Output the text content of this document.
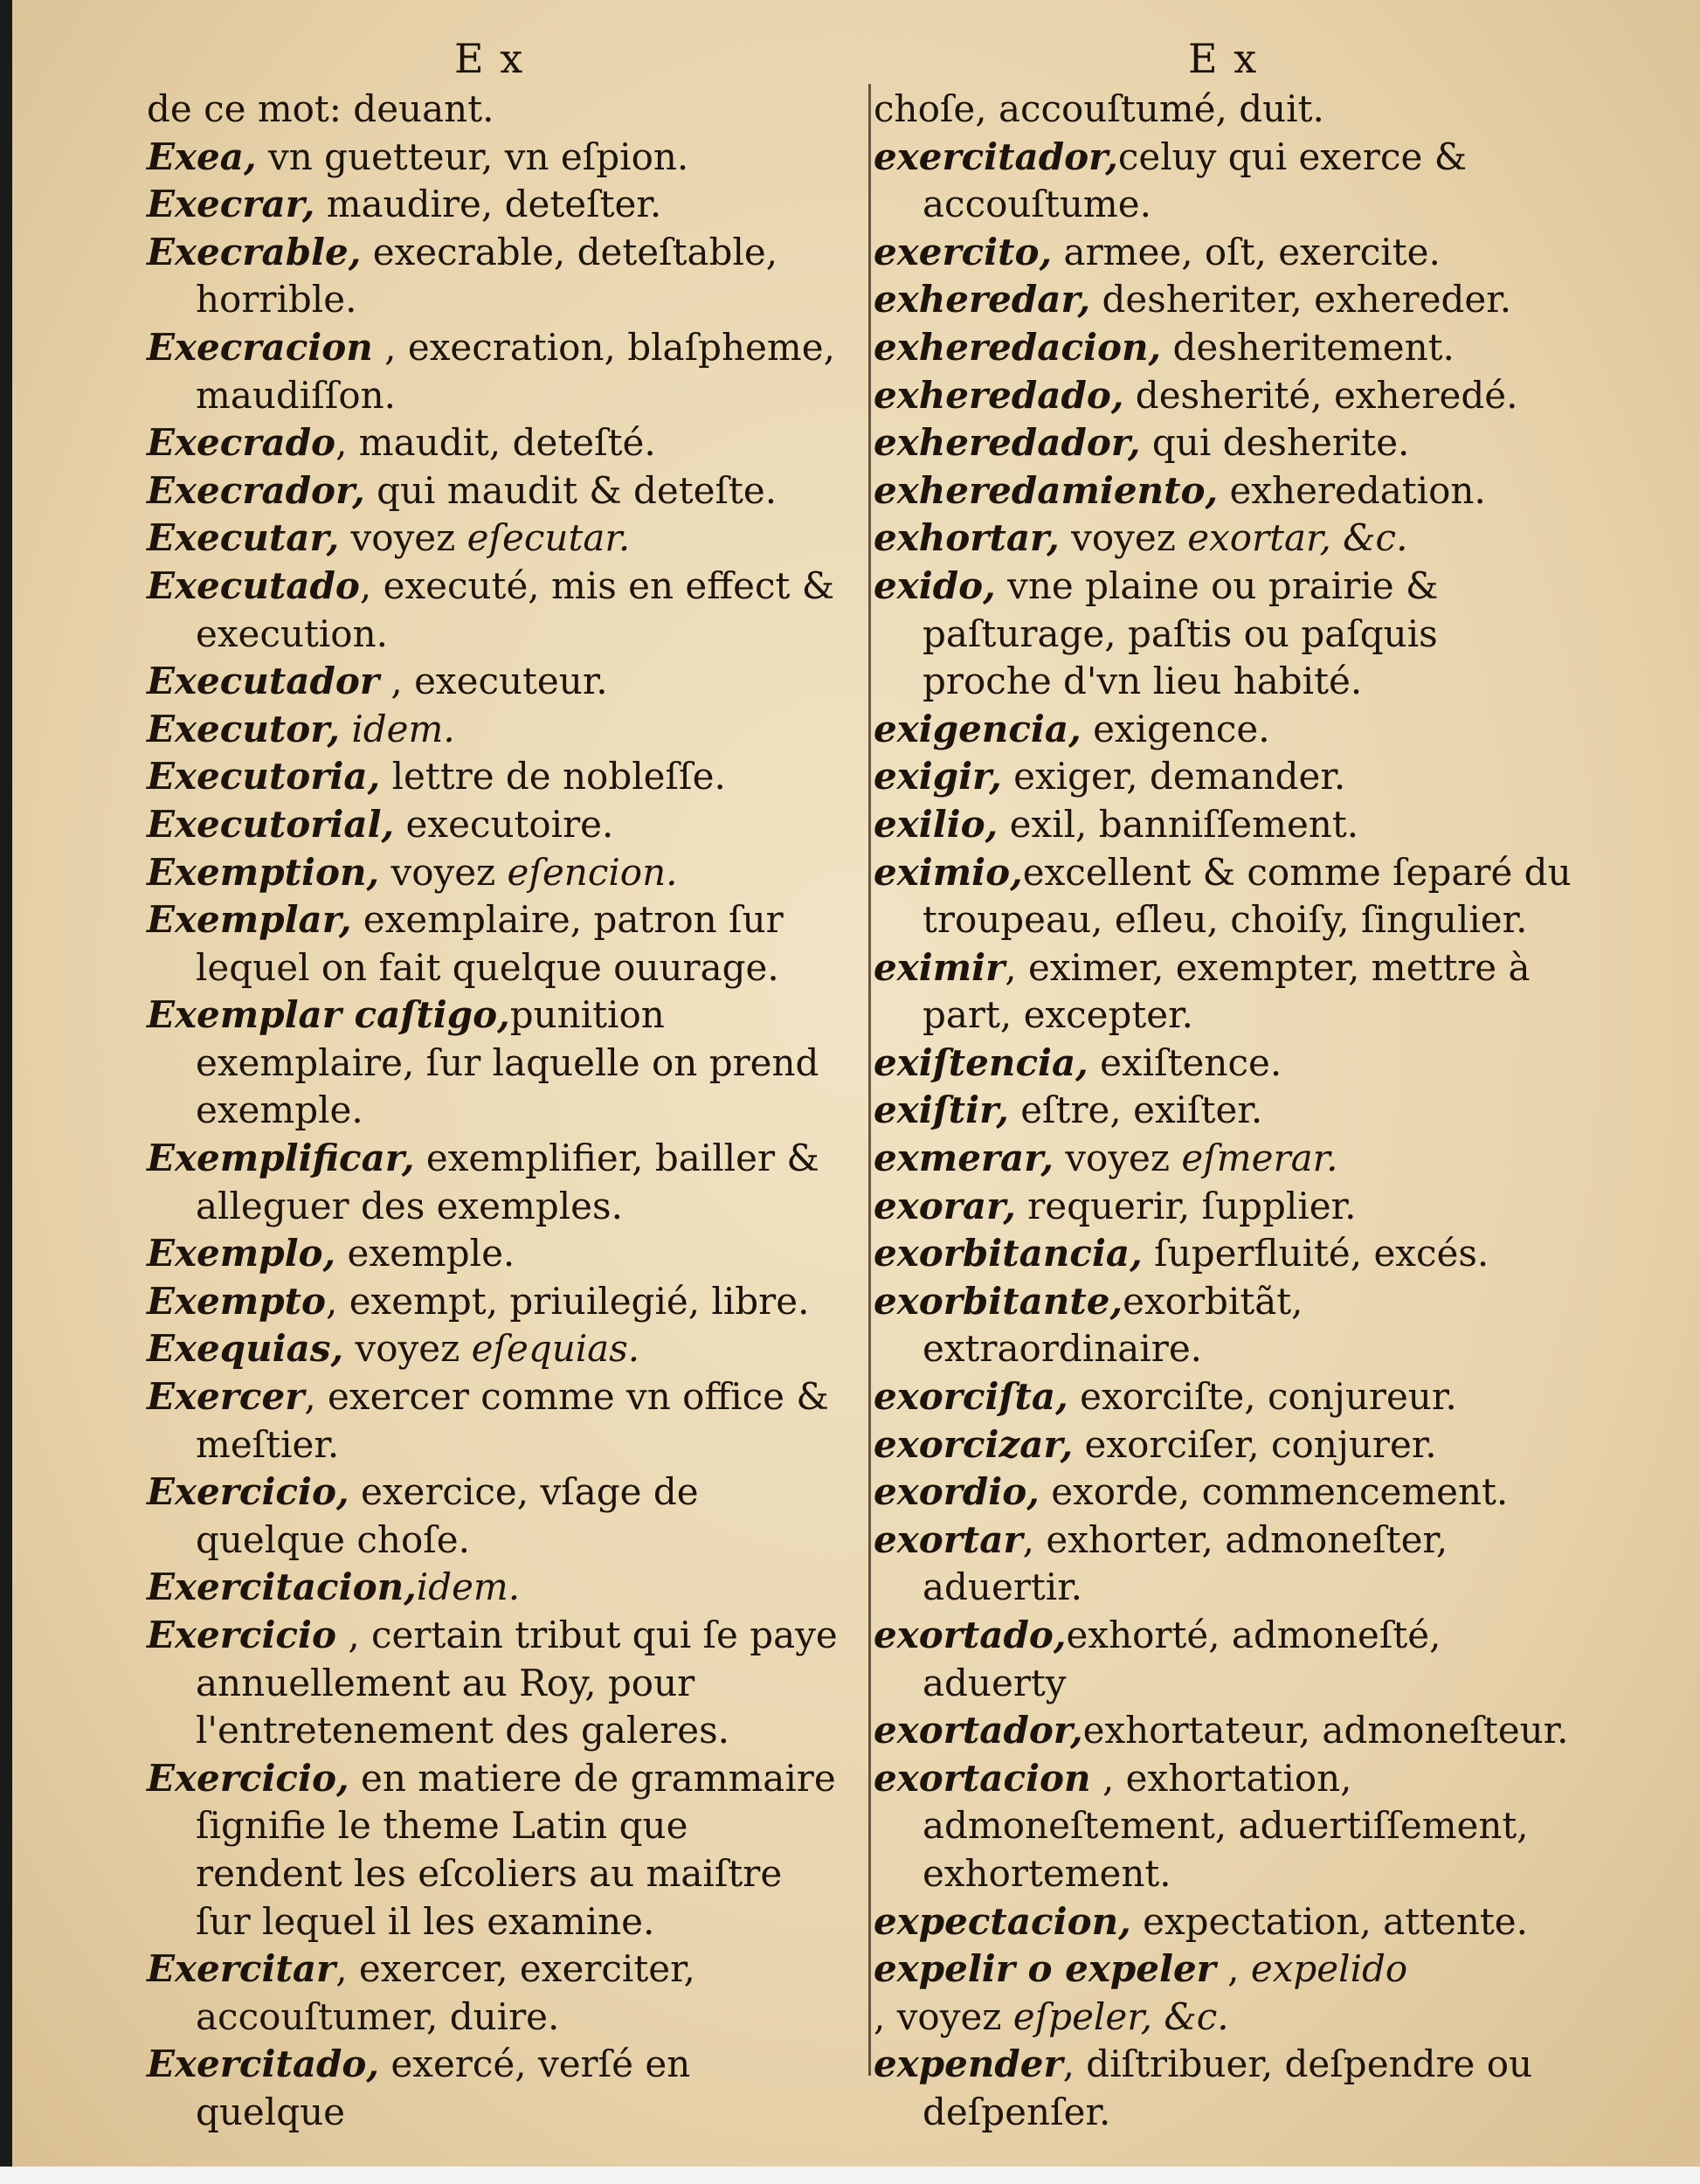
E x	E x

de ce mot: deuant.

Exea, vn guetteur, vn eſpion.

Execrar, maudire, deteſter.

Execrable, execrable, deteſtable, horrible.

Execracion , execration, blaſpheme, maudiſſon.

Execrado, maudit, deteſté.

Execrador, qui maudit & deteſte.

Executar, voyez eſecutar.

Executado, executé, mis en effect & execution.

Executador , executeur.

Executor, idem.

Executoria, lettre de nobleſſe.

Executorial, executoire.

Exemption, voyez eſencion.

Exemplar, exemplaire, patron ſur lequel on fait quelque ouurage.

Exemplar caſtigo,punition exemplaire, ſur laquelle on prend exemple.

Exemplificar, exemplifier, bailler & alleguer des exemples.

Exemplo, exemple.

Exempto, exempt, priuilegié, libre.

Exequias, voyez eſequias.

Exercer, exercer comme vn office & meſtier.

Exercicio, exercice, vſage de quelque choſe.

Exercitacion,idem.

Exercicio , certain tribut qui ſe paye annuellement au Roy, pour l'entretenement des galeres.

Exercicio, en matiere de grammaire ſignifie le theme Latin que rendent les eſcoliers au maiſtre ſur lequel il les examine.

Exercitar, exercer, exerciter, accouſtumer, duire.

Exercitado, exercé, verſé en quelque

choſe, accouſtumé, duit.

exercitador,celuy qui exerce & accouſtume.

exercito, armee, oſt, exercite.

exheredar, desheriter, exhereder.

exheredacion, desheritement.

exheredado, desherité, exheredé.

exheredador, qui desherite.

exheredamiento, exheredation.

exhortar, voyez exortar, &c.

exido, vne plaine ou prairie & paſturage, paſtis ou paſquis proche d'vn lieu habité.

exigencia, exigence.

exigir, exiger, demander.

exilio, exil, banniſſement.

eximio,excellent & comme ſeparé du troupeau, eſleu, choiſy, ſingulier.

eximir, eximer, exempter, mettre à part, excepter.

exiſtencia, exiſtence.

exiſtir, eſtre, exiſter.

exmerar, voyez eſmerar.

exorar, requerir, ſupplier.

exorbitancia, ſuperfluité, excés.

exorbitante,exorbitãt, extraordinaire.

exorciſta, exorciſte, conjureur.

exorcizar, exorciſer, conjurer.

exordio, exorde, commencement.

exortar, exhorter, admoneſter, aduertir.

exortado,exhorté, admoneſté, aduerty

exortador,exhortateur, admoneſteur.

exortacion , exhortation, admoneſtement, aduertiſſement, exhortement.

expectacion, expectation, attente.

expelir o expeler , expelido

, voyez eſpeler, &c.

expender, diſtribuer, deſpendre ou deſpenſer.
